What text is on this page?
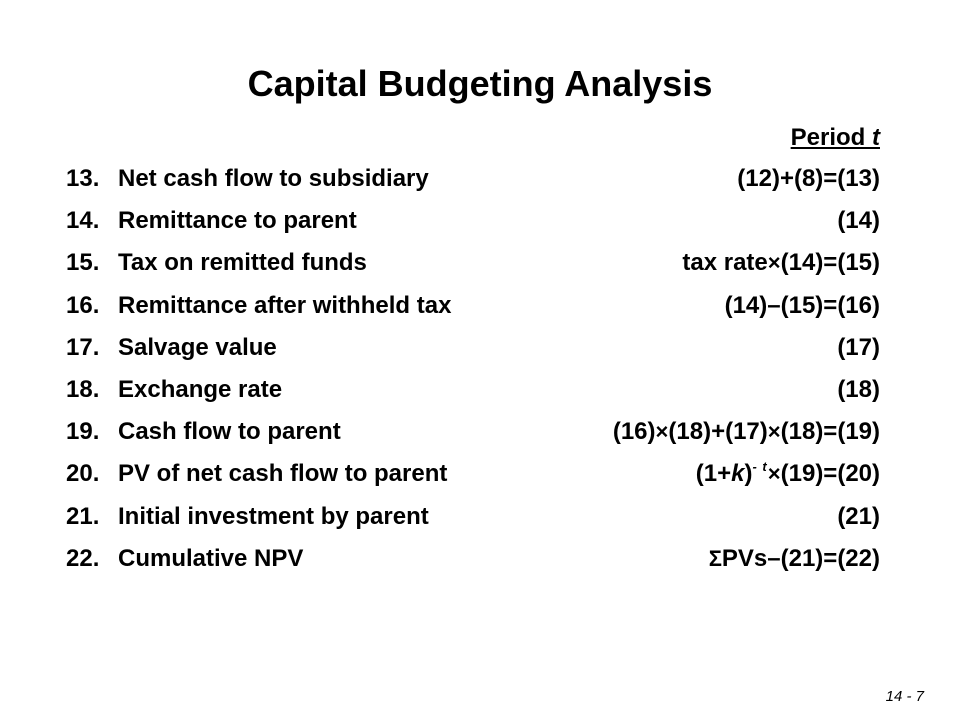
Capital Budgeting Analysis
Period t
13. Net cash flow to subsidiary	(12)+(8)=(13)
14. Remittance to parent	(14)
15. Tax on remitted funds	tax rate×(14)=(15)
16. Remittance after withheld tax	(14)–(15)=(16)
17. Salvage value	(17)
18. Exchange rate	(18)
19. Cash flow to parent	(16)×(18)+(17)×(18)=(19)
20. PV of net cash flow to parent	$(1+k)^{- t}\times(19)=(20)$
21. Initial investment by parent	(21)
22. Cumulative NPV	ΣPVs–(21)=(22)
14 - 7
